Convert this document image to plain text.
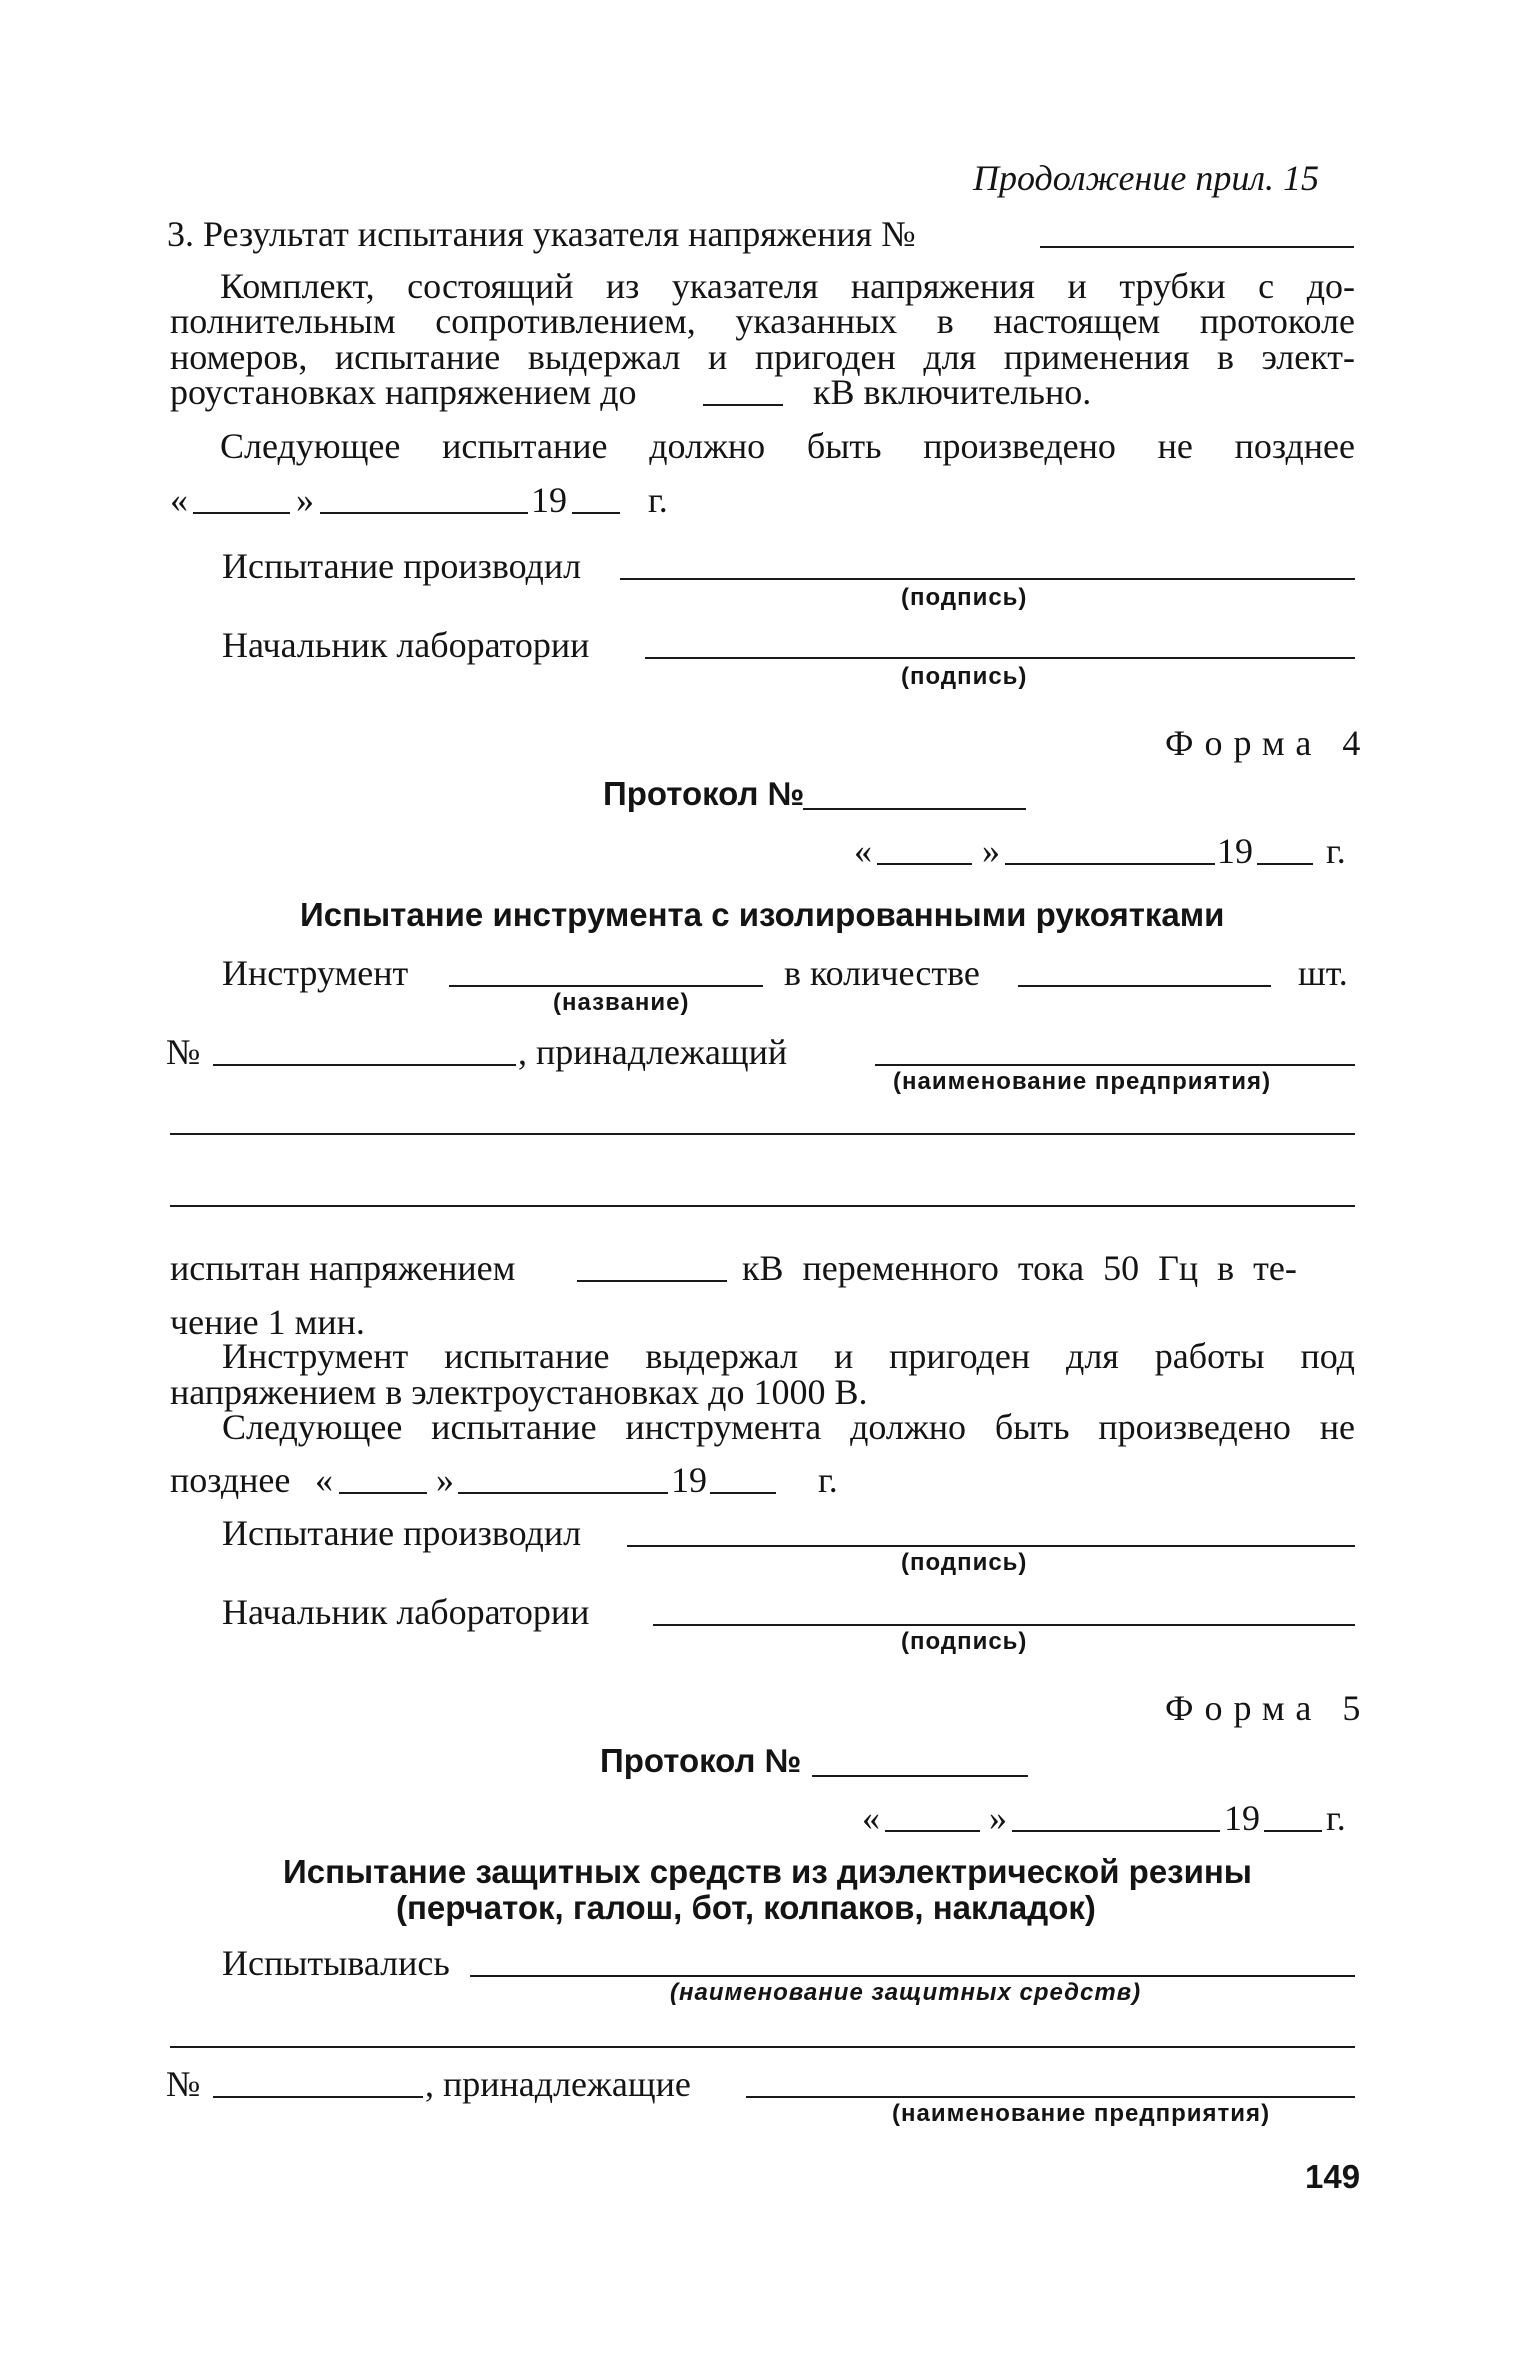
Продолжение прил. 15
3. Результат испытания указателя напряжения №
Комплект, состоящий из указателя напряжения и трубки с до-
полнительным сопротивлением, указанных в настоящем протоколе
номеров, испытание выдержал и пригоден для применения в элект-
роустановках напряжением до	кВ включительно.
Следующее испытание должно быть произведено не позднее
«	»	19 г.
Испытание производил
(подпись)
Начальник лаборатории
(подпись)
Форма 4
Протокол №
«	»	19 г.
Испытание инструмента с изолированными рукоятками
Инструмент
(название)
в количестве	шт.
№	, принадлежащий
(наименование предприятия)
испытан напряжением	кВ переменного тока 50 Гц в те-
чение 1 мин.
Инструмент испытание выдержал и пригоден для работы под
напряжением в электроустановках до 1000 В.
Следующее испытание инструмента должно быть произведено не
позднее «	»	19	г.
Испытание производил
(подпись)
Начальник лаборатории
(подпись)
Форма 5
Протокол №
«	»	19 г.
Испытание защитных средств из диэлектрической резины
(перчаток, галош, бот, колпаков, накладок)
Испытывались
(наименование защитных средств)
№	, принадлежащие
(наименование предприятия)
149
